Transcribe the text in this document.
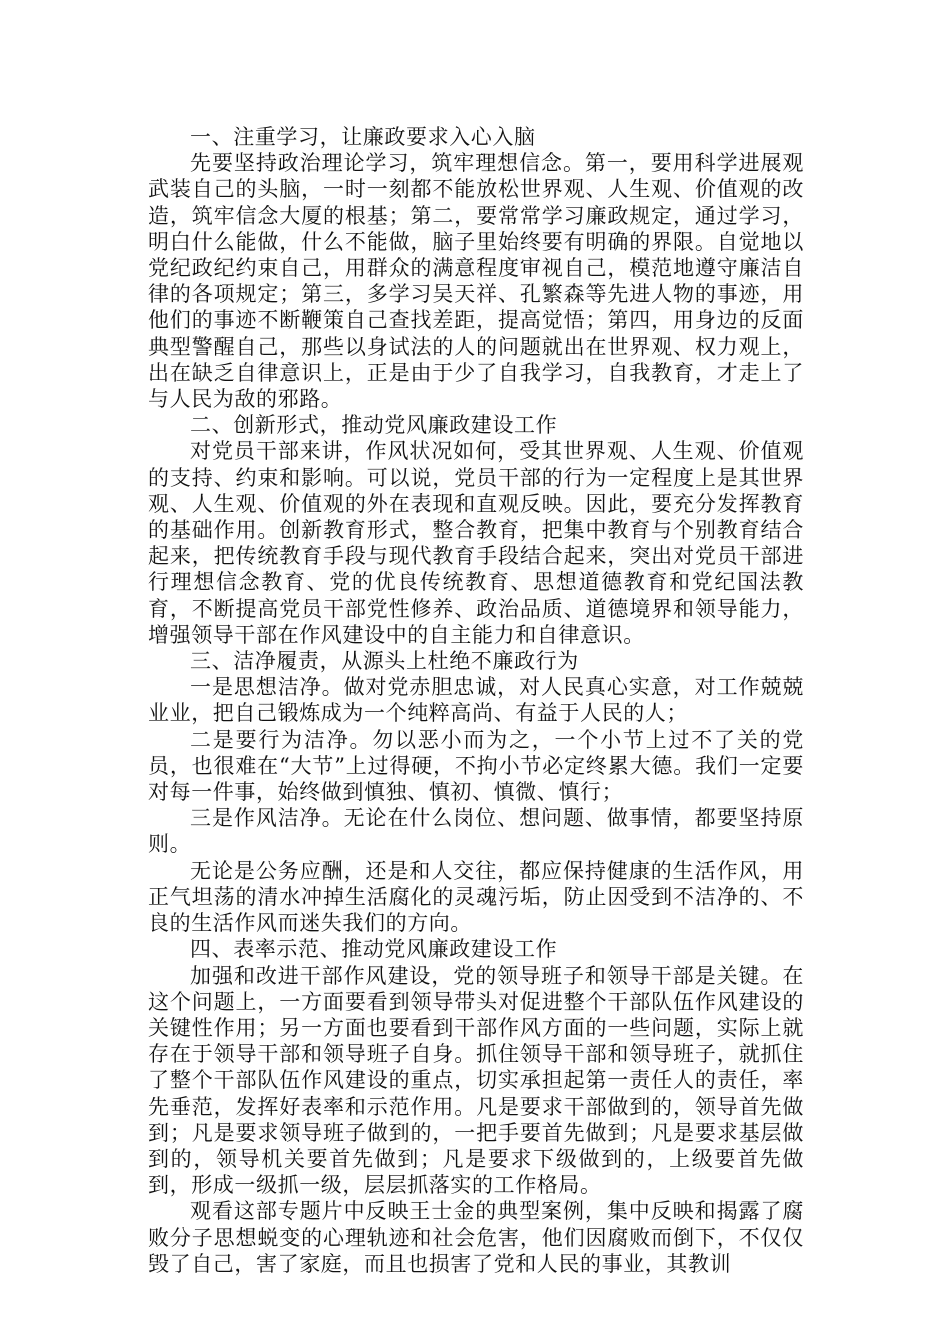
一、注重学习，让廉政要求入心入脑

先要坚持政治理论学习，筑牢理想信念。第一，要用科学进展观武装自己的头脑，一时一刻都不能放松世界观、人生观、价值观的改造，筑牢信念大厦的根基；第二，要常常学习廉政规定，通过学习，明白什么能做，什么不能做，脑子里始终要有明确的界限。自觉地以党纪政纪约束自己，用群众的满意程度审视自己，模范地遵守廉洁自律的各项规定；第三，多学习吴天祥、孔繁森等先进人物的事迹，用他们的事迹不断鞭策自己查找差距，提高觉悟；第四，用身边的反面典型警醒自己，那些以身试法的人的问题就出在世界观、权力观上，出在缺乏自律意识上，正是由于少了自我学习，自我教育，才走上了与人民为敌的邪路。

二、创新形式，推动党风廉政建设工作

对党员干部来讲，作风状况如何，受其世界观、人生观、价值观的支持、约束和影响。可以说，党员干部的行为一定程度上是其世界观、人生观、价值观的外在表现和直观反映。因此，要充分发挥教育的基础作用。创新教育形式，整合教育，把集中教育与个别教育结合起来，把传统教育手段与现代教育手段结合起来，突出对党员干部进行理想信念教育、党的优良传统教育、思想道德教育和党纪国法教育，不断提高党员干部党性修养、政治品质、道德境界和领导能力，增强领导干部在作风建设中的自主能力和自律意识。

三、洁净履责，从源头上杜绝不廉政行为

一是思想洁净。做对党赤胆忠诚，对人民真心实意，对工作兢兢业业，把自己锻炼成为一个纯粹高尚、有益于人民的人；

二是要行为洁净。勿以恶小而为之，一个小节上过不了关的党员，也很难在“大节”上过得硬，不拘小节必定终累大德。我们一定要对每一件事，始终做到慎独、慎初、慎微、慎行；

三是作风洁净。无论在什么岗位、想问题、做事情，都要坚持原则。

无论是公务应酬，还是和人交往，都应保持健康的生活作风，用正气坦荡的清水冲掉生活腐化的灵魂污垢，防止因受到不洁净的、不良的生活作风而迷失我们的方向。

四、表率示范、推动党风廉政建设工作

加强和改进干部作风建设，党的领导班子和领导干部是关键。在这个问题上，一方面要看到领导带头对促进整个干部队伍作风建设的关键性作用；另一方面也要看到干部作风方面的一些问题，实际上就存在于领导干部和领导班子自身。抓住领导干部和领导班子，就抓住了整个干部队伍作风建设的重点，切实承担起第一责任人的责任，率先垂范，发挥好表率和示范作用。凡是要求干部做到的，领导首先做到；凡是要求领导班子做到的，一把手要首先做到；凡是要求基层做到的，领导机关要首先做到；凡是要求下级做到的，上级要首先做到，形成一级抓一级，层层抓落实的工作格局。

观看这部专题片中反映王士金的典型案例，集中反映和揭露了腐败分子思想蜕变的心理轨迹和社会危害，他们因腐败而倒下，不仅仅毁了自己，害了家庭，而且也损害了党和人民的事业，其教训
